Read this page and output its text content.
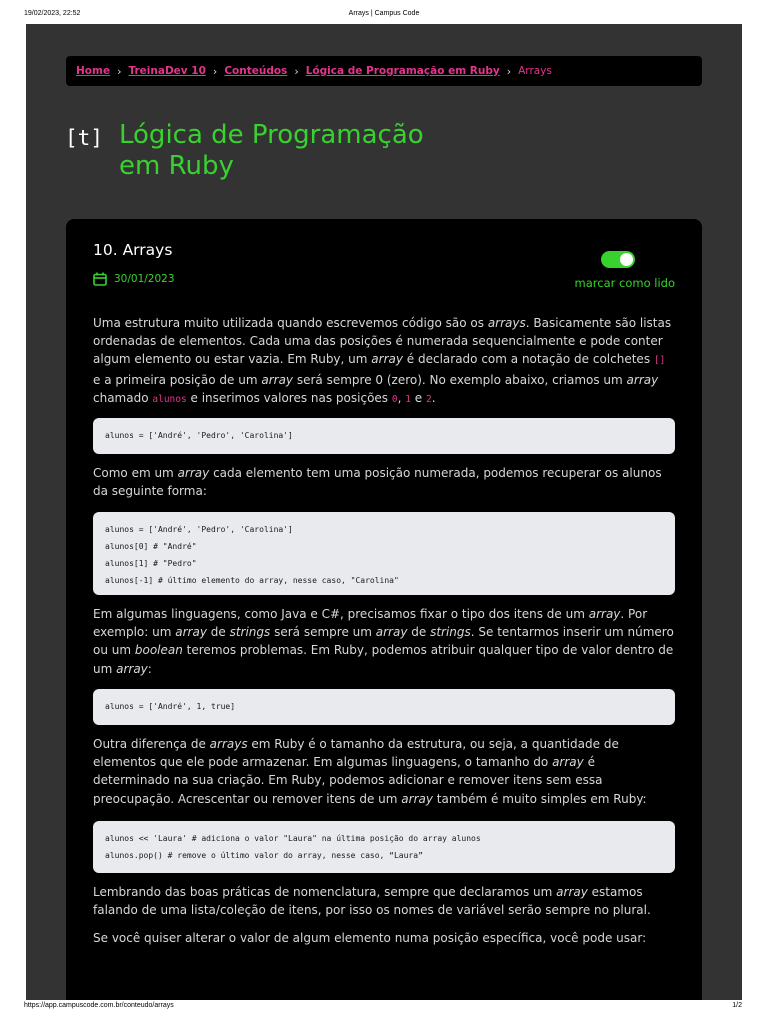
19/02/2023, 22:52	Arrays | Campus Code
Home › TreinaDev 10 › Conteúdos › Lógica de Programação em Ruby › Arrays
[t] Lógica de Programação
em Ruby
10. Arrays
30/01/2023	marcar como lido

Uma estrutura muito utilizada quando escrevemos código são os arrays. Basicamente são listas ordenadas de elementos. Cada uma das posições é numerada sequencialmente e pode conter algum elemento ou estar vazia. Em Ruby, um array é declarado com a notação de colchetes [] e a primeira posição de um array será sempre 0 (zero). No exemplo abaixo, criamos um array chamado alunos e inserimos valores nas posições 0, 1 e 2.

alunos = ['André', 'Pedro', 'Carolina']

Como em um array cada elemento tem uma posição numerada, podemos recuperar os alunos da seguinte forma:

alunos = ['André', 'Pedro', 'Carolina']
alunos[0] # "André"
alunos[1] # "Pedro"
alunos[-1] # último elemento do array, nesse caso, "Carolina"

Em algumas linguagens, como Java e C#, precisamos fixar o tipo dos itens de um array. Por exemplo: um array de strings será sempre um array de strings. Se tentarmos inserir um número ou um boolean teremos problemas. Em Ruby, podemos atribuir qualquer tipo de valor dentro de um array:

alunos = ['André', 1, true]

Outra diferença de arrays em Ruby é o tamanho da estrutura, ou seja, a quantidade de elementos que ele pode armazenar. Em algumas linguagens, o tamanho do array é determinado na sua criação. Em Ruby, podemos adicionar e remover itens sem essa preocupação. Acrescentar ou remover itens de um array também é muito simples em Ruby:

alunos << 'Laura' # adiciona o valor "Laura" na última posição do array alunos
alunos.pop() # remove o último valor do array, nesse caso, “Laura”

Lembrando das boas práticas de nomenclatura, sempre que declaramos um array estamos falando de uma lista/coleção de itens, por isso os nomes de variável serão sempre no plural.

Se você quiser alterar o valor de algum elemento numa posição específica, você pode usar:

https://app.campuscode.com.br/conteudo/arrays	1/2
